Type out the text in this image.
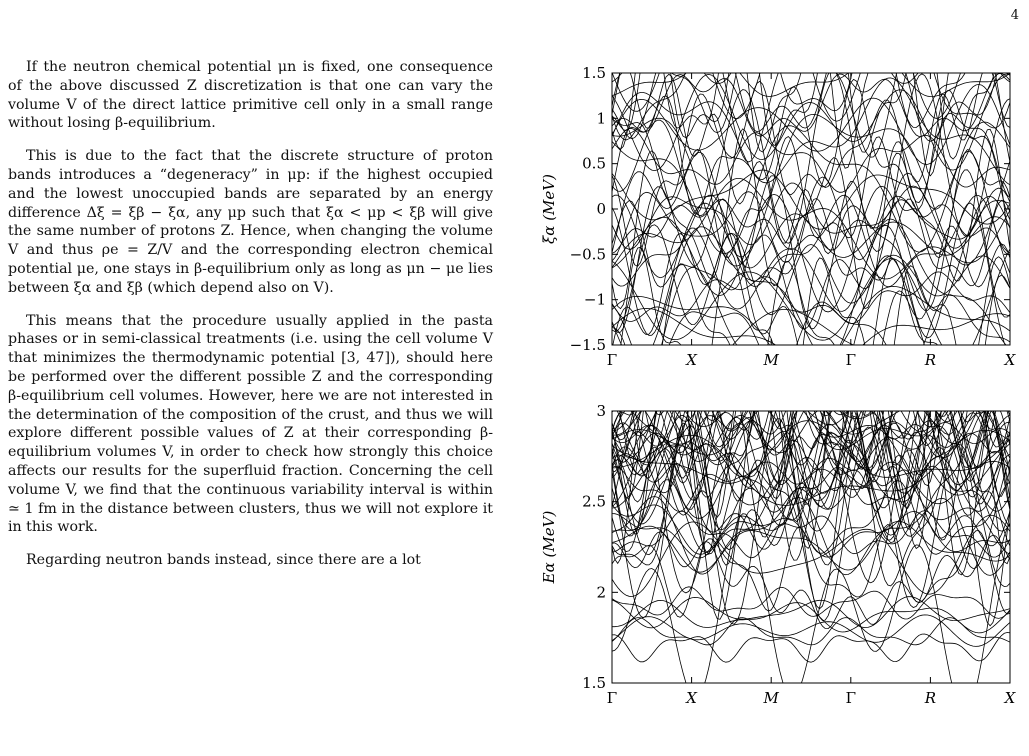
4

If the neutron chemical potential μn is fixed, one consequence of the above discussed Z discretization is that one can vary the volume V of the direct lattice primitive cell only in a small range without losing β-equilibrium.

This is due to the fact that the discrete structure of proton bands introduces a “degeneracy” in μp: if the highest occupied and the lowest unoccupied bands are separated by an energy difference Δξ = ξβ − ξα, any μp such that ξα < μp < ξβ will give the same number of protons Z. Hence, when changing the volume V and thus ρe = Z/V and the corresponding electron chemical potential μe, one stays in β-equilibrium only as long as μn − μe lies between ξα and ξβ (which depend also on V).

This means that the procedure usually applied in the pasta phases or in semi-classical treatments (i.e. using the cell volume V that minimizes the thermodynamic potential [3, 47]), should here be performed over the different possible Z and the corresponding β-equilibrium cell volumes. However, here we are not interested in the determination of the composition of the crust, and thus we will explore different possible values of Z at their corresponding β-equilibrium volumes V, in order to check how strongly this choice affects our results for the superfluid fraction. Concerning the cell volume V, we find that the continuous variability interval is within ≃ 1 fm in the distance between clusters, thus we will not explore it in this work.

Regarding neutron bands instead, since there are a lot

1.5
1
0.5
0
−0.5
−1
−1.5
Γ	X	M	Γ	R	X
ξα (MeV)
3
2.5
2
1.5
Γ	X	M	Γ	R	X
Eα (MeV)
